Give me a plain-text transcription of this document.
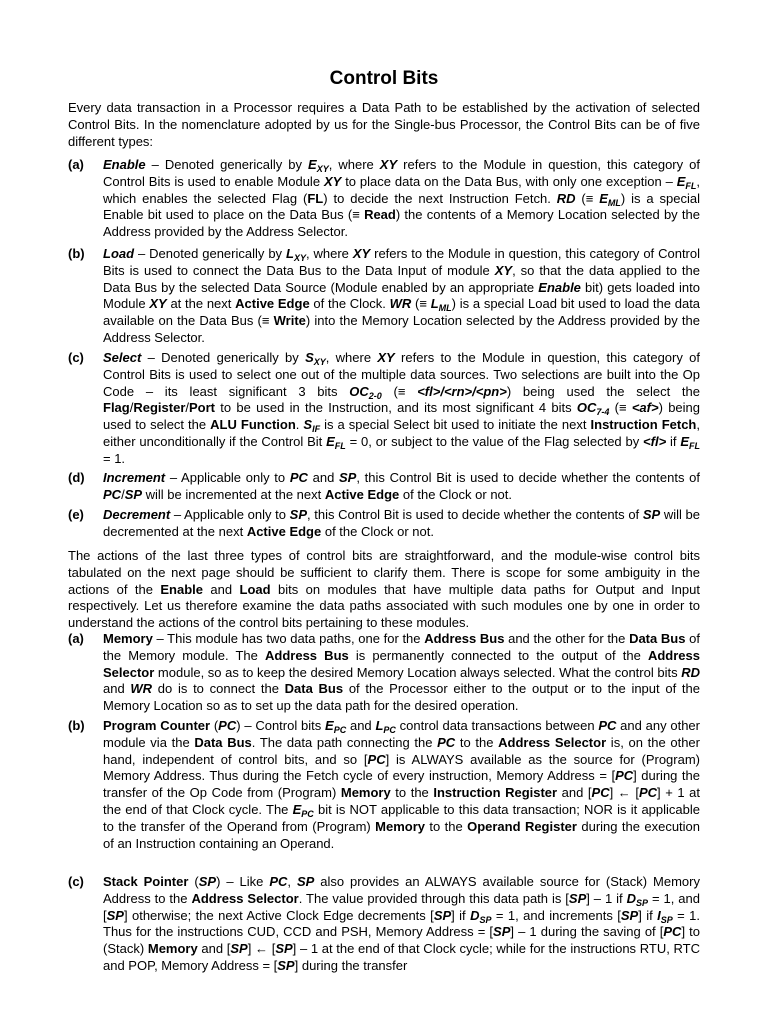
Control Bits
Every data transaction in a Processor requires a Data Path to be established by the activation of selected Control Bits. In the nomenclature adopted by us for the Single-bus Processor, the Control Bits can be of five different types:
(a)	Enable – Denoted generically by $E_{XY}$, where XY refers to the Module in question, this category of Control Bits is used to enable Module XY to place data on the Data Bus, with only one exception – $E_{FL}$, which enables the selected Flag (FL) to decide the next Instruction Fetch. RD (≡ $E_{ML}$) is a special Enable bit used to place on the Data Bus (≡ Read) the contents of a Memory Location selected by the Address provided by the Address Selector.
(b)	Load – Denoted generically by $L_{XY}$, where XY refers to the Module in question, this category of Control Bits is used to connect the Data Bus to the Data Input of module XY, so that the data applied to the Data Bus by the selected Data Source (Module enabled by an appropriate Enable bit) gets loaded into Module XY at the next Active Edge of the Clock. WR (≡ $L_{ML}$) is a special Load bit used to load the data available on the Data Bus (≡ Write) into the Memory Location selected by the Address provided by the Address Selector.
(c)	Select – Denoted generically by $S_{XY}$, where XY refers to the Module in question, this category of Control Bits is used to select one out of the multiple data sources. Two selections are built into the Op Code – its least significant 3 bits $OC_{2-0}$ (≡ <fl>/<rn>/<pn>) being used the select the Flag/Register/Port to be used in the Instruction, and its most significant 4 bits $OC_{7-4}$ (≡ <af>) being used to select the ALU Function. $S_{IF}$ is a special Select bit used to initiate the next Instruction Fetch, either unconditionally if the Control Bit $E_{FL} = 0$, or subject to the value of the Flag selected by <fl> if $E_{FL} = 1$.
(d)	Increment – Applicable only to PC and SP, this Control Bit is used to decide whether the contents of PC/SP will be incremented at the next Active Edge of the Clock or not.
(e)	Decrement – Applicable only to SP, this Control Bit is used to decide whether the contents of SP will be decremented at the next Active Edge of the Clock or not.
The actions of the last three types of control bits are straightforward, and the module-wise control bits tabulated on the next page should be sufficient to clarify them. There is scope for some ambiguity in the actions of the Enable and Load bits on modules that have multiple data paths for Output and Input respectively. Let us therefore examine the data paths associated with such modules one by one in order to understand the actions of the control bits pertaining to these modules.
(a)	Memory – This module has two data paths, one for the Address Bus and the other for the Data Bus of the Memory module. The Address Bus is permanently connected to the output of the Address Selector module, so as to keep the desired Memory Location always selected. What the control bits RD and WR do is to connect the Data Bus of the Processor either to the output or to the input of the Memory Location so as to set up the data path for the desired operation.
(b)	Program Counter (PC) – Control bits $E_{PC}$ and $L_{PC}$ control data transactions between PC and any other module via the Data Bus. The data path connecting the PC to the Address Selector is, on the other hand, independent of control bits, and so [PC] is ALWAYS available as the source for (Program) Memory Address. Thus during the Fetch cycle of every instruction, Memory Address = [PC] during the transfer of the Op Code from (Program) Memory to the Instruction Register and [PC] ← [PC] + 1 at the end of that Clock cycle. The $E_{PC}$ bit is NOT applicable to this data transaction; NOR is it applicable to the transfer of the Operand from (Program) Memory to the Operand Register during the execution of an Instruction containing an Operand.
(c)	Stack Pointer (SP) – Like PC, SP also provides an ALWAYS available source for (Stack) Memory Address to the Address Selector. The value provided through this data path is [SP] – 1 if $D_{SP} = 1$, and [SP] otherwise; the next Active Clock Edge decrements [SP] if $D_{SP} = 1$, and increments [SP] if $I_{SP} = 1$. Thus for the instructions CUD, CCD and PSH, Memory Address = [SP] – 1 during the saving of [PC] to (Stack) Memory and [SP] ← [SP] – 1 at the end of that Clock cycle; while for the instructions RTU, RTC and POP, Memory Address = [SP] during the transfer
